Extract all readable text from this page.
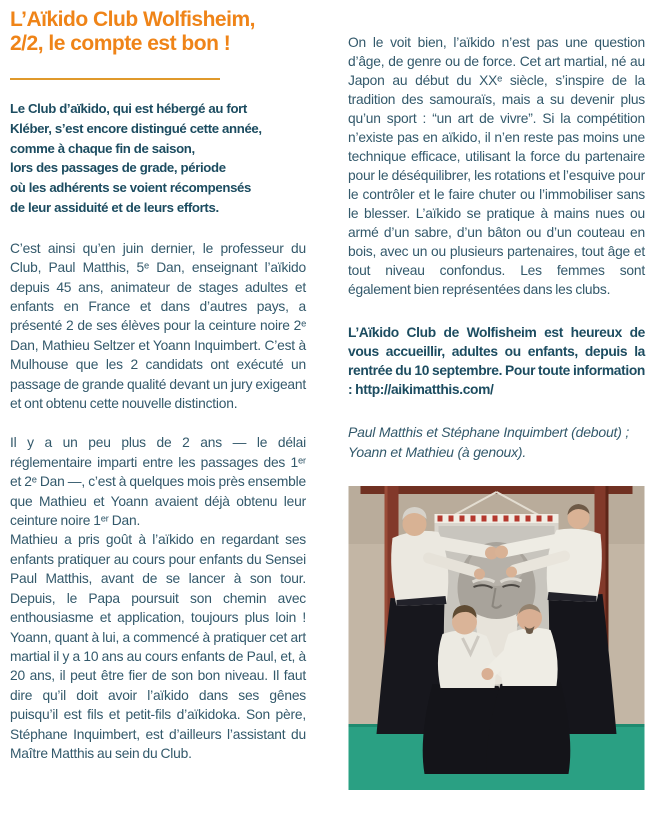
L’Aïkido Club Wolfisheim,
2/2, le compte est bon !

Le Club d’aïkido, qui est hébergé au fort
Kléber, s’est encore distingué cette année,
comme à chaque fin de saison,
lors des passages de grade, période
où les adhérents se voient récompensés
de leur assiduité et de leurs efforts.

C’est ainsi qu’en juin dernier, le professeur du Club, Paul Matthis, 5ᵉ Dan, enseignant l’aïkido depuis 45 ans, animateur de stages adultes et enfants en France et dans d’autres pays, a présenté 2 de ses élèves pour la ceinture noire 2ᵉ Dan, Mathieu Seltzer et Yoann Inquimbert. C’est à Mulhouse que les 2 candidats ont exécuté un passage de grande qualité devant un jury exigeant et ont obtenu cette nouvelle distinction.

Il y a un peu plus de 2 ans — le délai réglementaire imparti entre les passages des 1ᵉʳ et 2ᵉ Dan —, c’est à quelques mois près ensemble que Mathieu et Yoann avaient déjà obtenu leur ceinture noire 1ᵉʳ Dan.

Mathieu a pris goût à l’aïkido en regardant ses enfants pratiquer au cours pour enfants du Sensei Paul Matthis, avant de se lancer à son tour. Depuis, le Papa poursuit son chemin avec enthousiasme et application, toujours plus loin ! Yoann, quant à lui, a commencé à pratiquer cet art martial il y a 10 ans au cours enfants de Paul, et, à 20 ans, il peut être fier de son bon niveau. Il faut dire qu’il doit avoir l’aïkido dans ses gênes puisqu’il est fils et petit-fils d’aïkidoka. Son père, Stéphane Inquimbert, est d’ailleurs l’assistant du Maître Matthis au sein du Club.

On le voit bien, l’aïkido n’est pas une question d’âge, de genre ou de force. Cet art martial, né au Japon au début du XXᵉ siècle, s’inspire de la tradition des samouraïs, mais a su devenir plus qu’un sport : “un art de vivre”. Si la compétition n’existe pas en aïkido, il n’en reste pas moins une technique efficace, utilisant la force du partenaire pour le déséquilibrer, les rotations et l’esquive pour le contrôler et le faire chuter ou l’immobiliser sans le blesser. L’aïkido se pratique à mains nues ou armé d’un sabre, d’un bâton ou d’un couteau en bois, avec un ou plusieurs partenaires, tout âge et tout niveau confondus. Les femmes sont également bien représentées dans les clubs.

L’Aïkido Club de Wolfisheim est heureux de vous accueillir, adultes ou enfants, depuis la rentrée du 10 septembre. Pour toute information : http://aikimatthis.com/

Paul Matthis et Stéphane Inquimbert (debout) ; Yoann et Mathieu (à genoux).
